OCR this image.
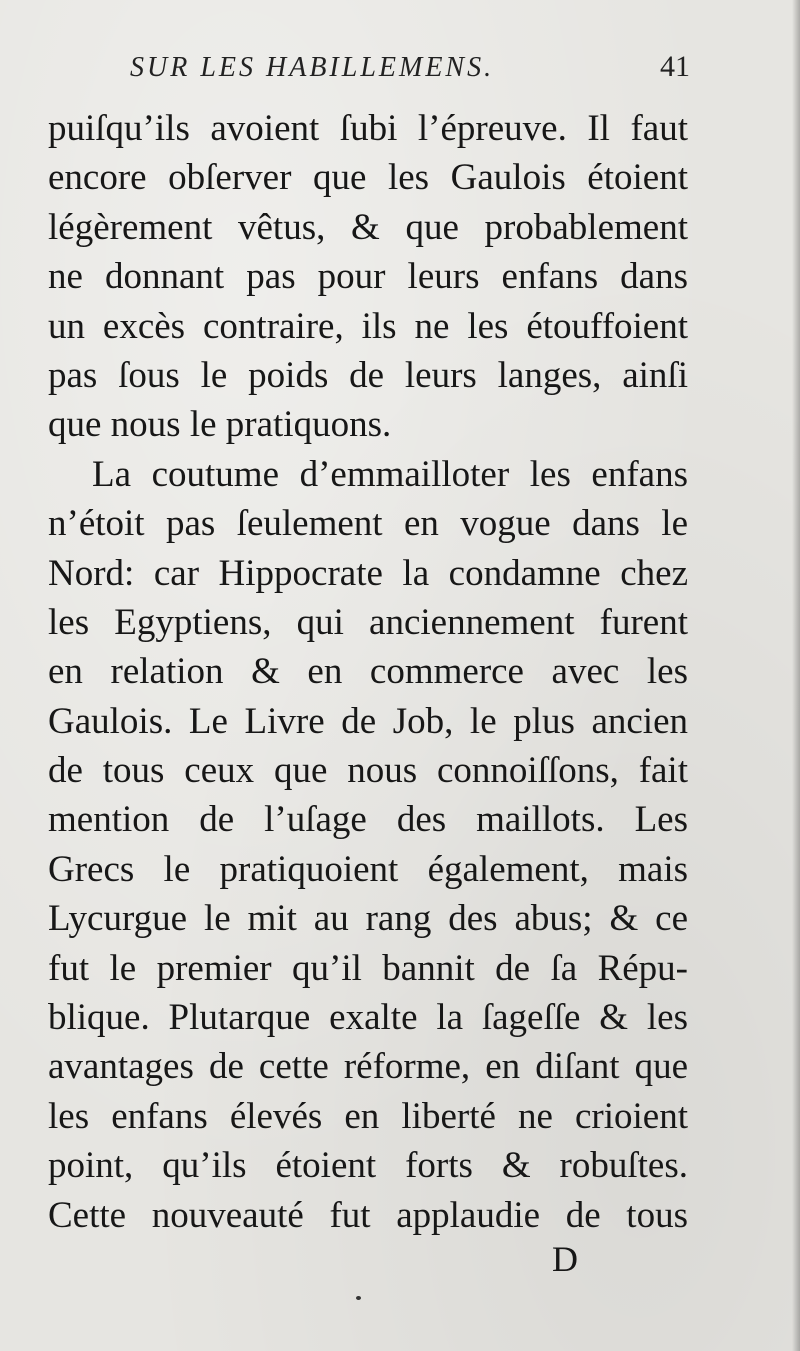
SUR LES HABILLEMENS.	41
puiſqu’ils avoient ſubi l’épreuve. Il faut
encore obſerver que les Gaulois étoient
légèrement vêtus, & que probablement
ne donnant pas pour leurs enfans dans
un excès contraire, ils ne les étouffoient
pas ſous le poids de leurs langes, ainſi
que nous le pratiquons.
La coutume d’emmailloter les enfans
n’étoit pas ſeulement en vogue dans le
Nord: car Hippocrate la condamne chez
les Egyptiens, qui anciennement furent
en relation & en commerce avec les
Gaulois. Le Livre de Job, le plus ancien
de tous ceux que nous connoiſſons, fait
mention de l’uſage des maillots. Les
Grecs le pratiquoient également, mais
Lycurgue le mit au rang des abus; & ce
fut le premier qu’il bannit de ſa Répu-
blique. Plutarque exalte la ſageſſe & les
avantages de cette réforme, en diſant que
les enfans élevés en liberté ne crioient
point, qu’ils étoient forts & robuſtes.
Cette nouveauté fut applaudie de tous
D
